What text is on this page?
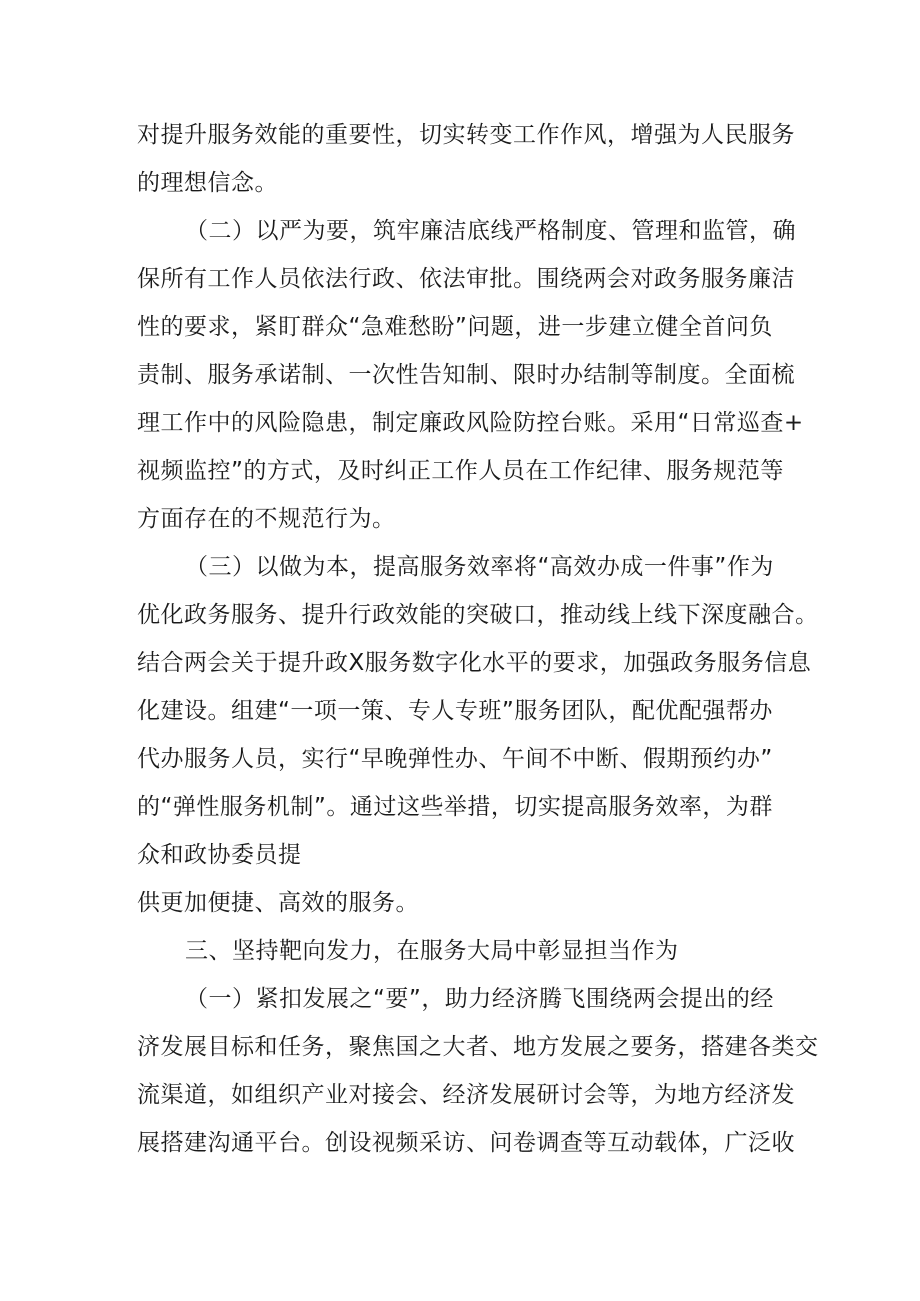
对提升服务效能的重要性，切实转变工作作风，增强为人民服务
的理想信念。
（二）以严为要，筑牢廉洁底线严格制度、管理和监管，确
保所有工作人员依法行政、依法审批。围绕两会对政务服务廉洁
性的要求，紧盯群众“急难愁盼”问题，进一步建立健全首问负
责制、服务承诺制、一次性告知制、限时办结制等制度。全面梳
理工作中的风险隐患，制定廉政风险防控台账。采用“日常巡查+
视频监控”的方式，及时纠正工作人员在工作纪律、服务规范等
方面存在的不规范行为。
（三）以做为本，提高服务效率将“高效办成一件事”作为
优化政务服务、提升行政效能的突破口，推动线上线下深度融合。
结合两会关于提升政X服务数字化水平的要求，加强政务服务信息
化建设。组建“一项一策、专人专班”服务团队，配优配强帮办
代办服务人员，实行“早晚弹性办、午间不中断、假期预约办”
的“弹性服务机制”。通过这些举措，切实提高服务效率，为群
众和政协委员提
供更加便捷、高效的服务。
三、坚持靶向发力，在服务大局中彰显担当作为
（一）紧扣发展之“要”，助力经济腾飞围绕两会提出的经
济发展目标和任务，聚焦国之大者、地方发展之要务，搭建各类交
流渠道，如组织产业对接会、经济发展研讨会等，为地方经济发
展搭建沟通平台。创设视频采访、问卷调查等互动载体，广泛收
